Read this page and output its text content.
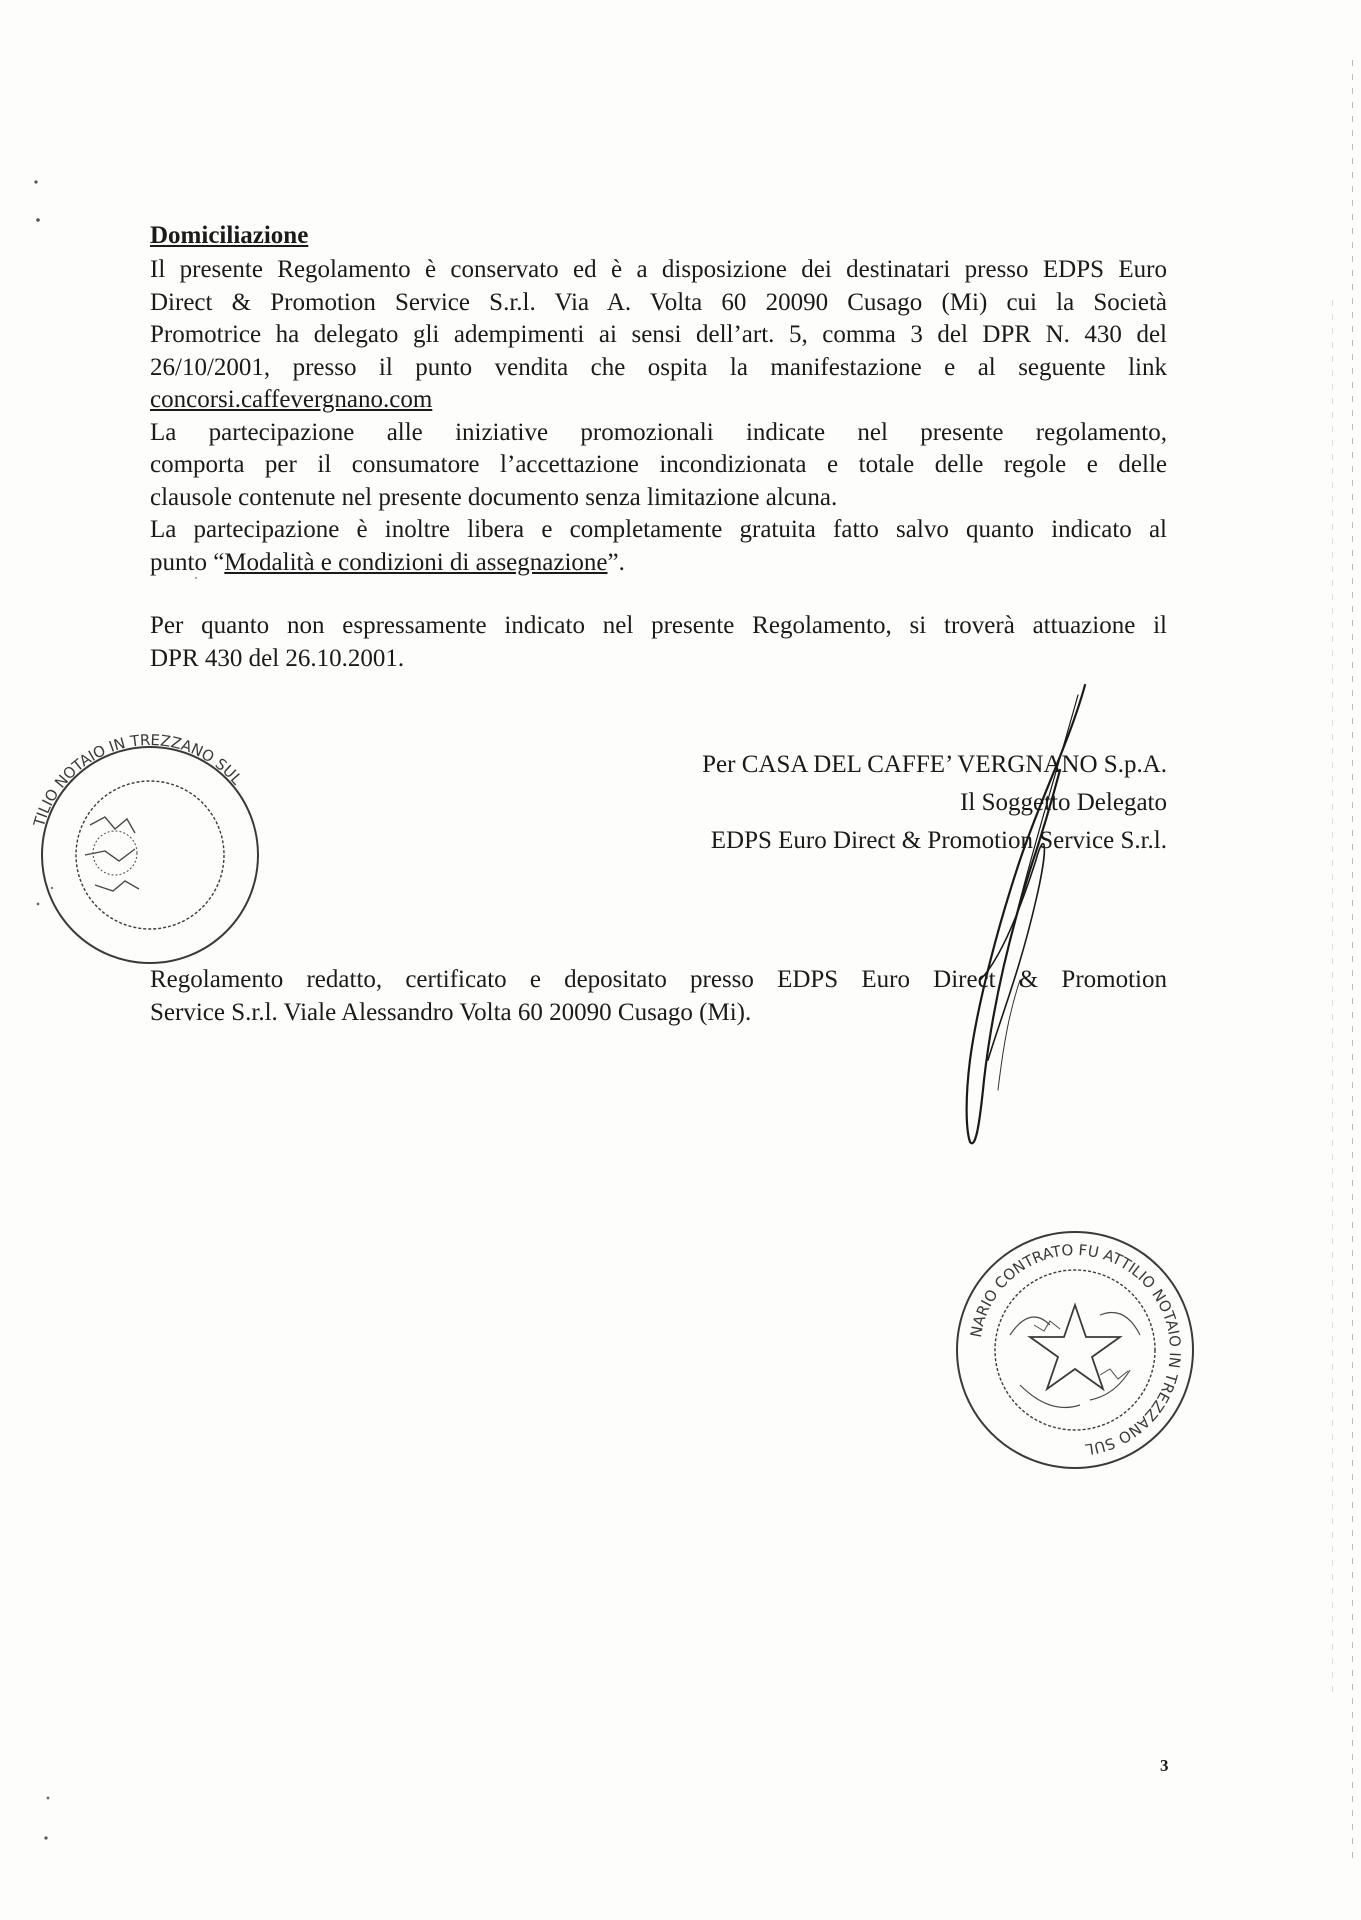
Domiciliazione
Il presente Regolamento è conservato ed è a disposizione dei destinatari presso EDPS Euro
Direct & Promotion Service S.r.l. Via A. Volta 60 20090 Cusago (Mi) cui la Società
Promotrice ha delegato gli adempimenti ai sensi dell’art. 5, comma 3 del DPR N. 430 del
26/10/2001, presso il punto vendita che ospita la manifestazione e al seguente link
concorsi.caffevergnano.com
La partecipazione alle iniziative promozionali indicate nel presente regolamento,
comporta per il consumatore l’accettazione incondizionata e totale delle regole e delle
clausole contenute nel presente documento senza limitazione alcuna.
La partecipazione è inoltre libera e completamente gratuita fatto salvo quanto indicato al
punto “Modalità e condizioni di assegnazione”.
Per quanto non espressamente indicato nel presente Regolamento, si troverà attuazione il
DPR 430 del 26.10.2001.
Per CASA DEL CAFFE’ VERGNANO S.p.A.
Il Soggetto Delegato
EDPS Euro Direct & Promotion Service S.r.l.
Regolamento redatto, certificato e depositato presso EDPS Euro Direct & Promotion
Service S.r.l. Viale Alessandro Volta 60 20090 Cusago (Mi).
TILIO NOTAIO IN TREZZANO SUL
NARIO CONTRATO FU ATTILIO NOTAIO IN TREZZANO SUL
3
